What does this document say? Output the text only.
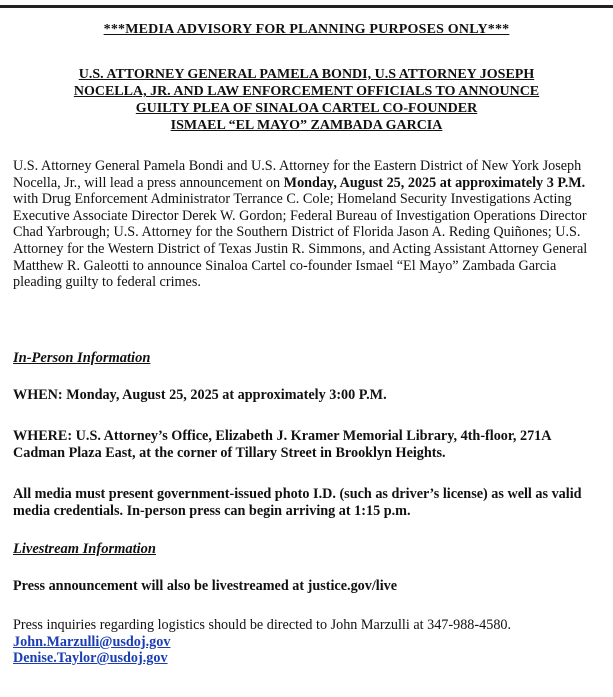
***MEDIA ADVISORY FOR PLANNING PURPOSES ONLY***
U.S. ATTORNEY GENERAL PAMELA BONDI, U.S ATTORNEY JOSEPH
NOCELLA, JR. AND LAW ENFORCEMENT OFFICIALS TO ANNOUNCE
GUILTY PLEA OF SINALOA CARTEL CO-FOUNDER
ISMAEL “EL MAYO” ZAMBADA GARCIA
U.S. Attorney General Pamela Bondi and U.S. Attorney for the Eastern District of New York Joseph Nocella, Jr., will lead a press announcement on Monday, August 25, 2025 at approximately 3 P.M. with Drug Enforcement Administrator Terrance C. Cole; Homeland Security Investigations Acting Executive Associate Director Derek W. Gordon; Federal Bureau of Investigation Operations Director Chad Yarbrough; U.S. Attorney for the Southern District of Florida Jason A. Reding Quiñones; U.S. Attorney for the Western District of Texas Justin R. Simmons, and Acting Assistant Attorney General Matthew R. Galeotti to announce Sinaloa Cartel co-founder Ismael “El Mayo” Zambada Garcia pleading guilty to federal crimes.
In-Person Information
WHEN: Monday, August 25, 2025 at approximately 3:00 P.M.
WHERE: U.S. Attorney’s Office, Elizabeth J. Kramer Memorial Library, 4th-floor, 271A Cadman Plaza East, at the corner of Tillary Street in Brooklyn Heights.
All media must present government-issued photo I.D. (such as driver’s license) as well as valid media credentials. In-person press can begin arriving at 1:15 p.m.
Livestream Information
Press announcement will also be livestreamed at justice.gov/live
Press inquiries regarding logistics should be directed to John Marzulli at 347-988-4580.
John.Marzulli@usdoj.gov
Denise.Taylor@usdoj.gov
